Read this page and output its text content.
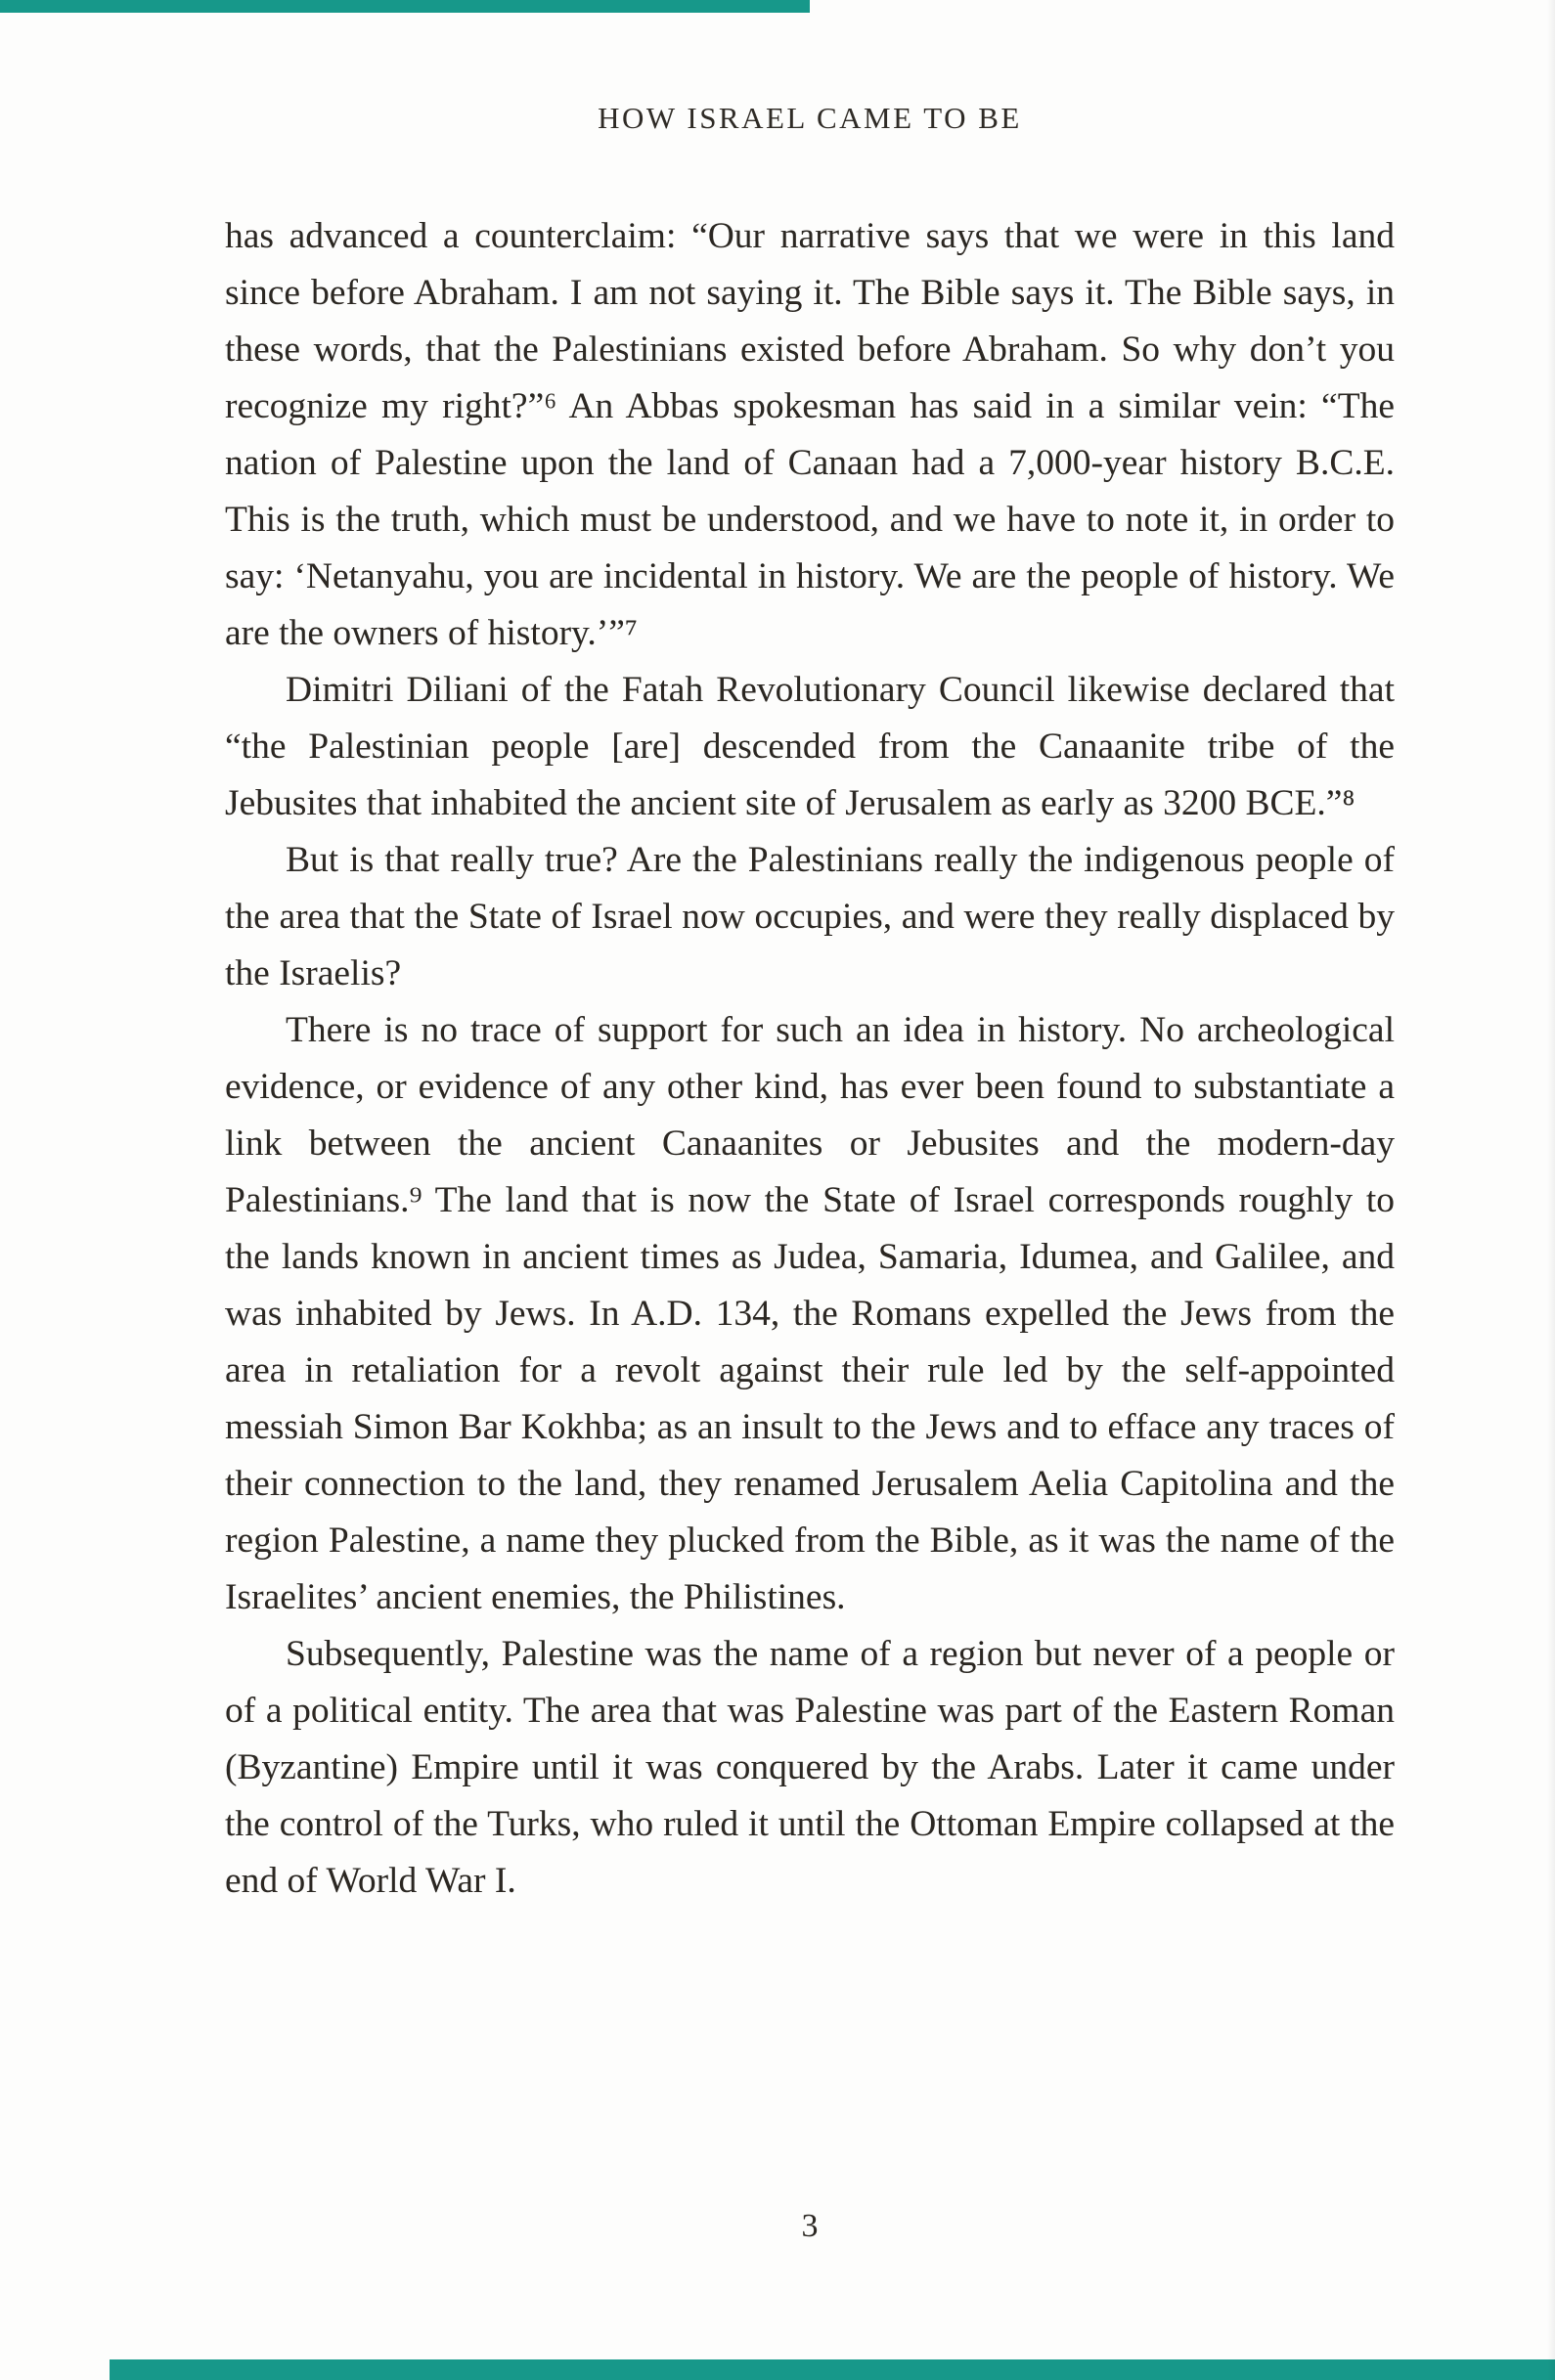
HOW ISRAEL CAME TO BE

has advanced a counterclaim: “Our narrative says that we were in this land since before Abraham. I am not saying it. The Bible says it. The Bible says, in these words, that the Palestinians existed before Abraham. So why don’t you recognize my right?”⁶ An Abbas spokesman has said in a similar vein: “The nation of Palestine upon the land of Canaan had a 7,000-year history B.C.E. This is the truth, which must be understood, and we have to note it, in order to say: ‘Netanyahu, you are incidental in history. We are the people of history. We are the owners of history.’”⁷

Dimitri Diliani of the Fatah Revolutionary Council likewise declared that “the Palestinian people [are] descended from the Canaanite tribe of the Jebusites that inhabited the ancient site of Jerusalem as early as 3200 BCE.”⁸

But is that really true? Are the Palestinians really the indigenous people of the area that the State of Israel now occupies, and were they really displaced by the Israelis?

There is no trace of support for such an idea in history. No archeological evidence, or evidence of any other kind, has ever been found to substantiate a link between the ancient Canaanites or Jebusites and the modern-day Palestinians.⁹ The land that is now the State of Israel corresponds roughly to the lands known in ancient times as Judea, Samaria, Idumea, and Galilee, and was inhabited by Jews. In A.D. 134, the Romans expelled the Jews from the area in retaliation for a revolt against their rule led by the self-appointed messiah Simon Bar Kokhba; as an insult to the Jews and to efface any traces of their connection to the land, they renamed Jerusalem Aelia Capitolina and the region Palestine, a name they plucked from the Bible, as it was the name of the Israelites’ ancient enemies, the Philistines.

Subsequently, Palestine was the name of a region but never of a people or of a political entity. The area that was Palestine was part of the Eastern Roman (Byzantine) Empire until it was conquered by the Arabs. Later it came under the control of the Turks, who ruled it until the Ottoman Empire collapsed at the end of World War I.

3
